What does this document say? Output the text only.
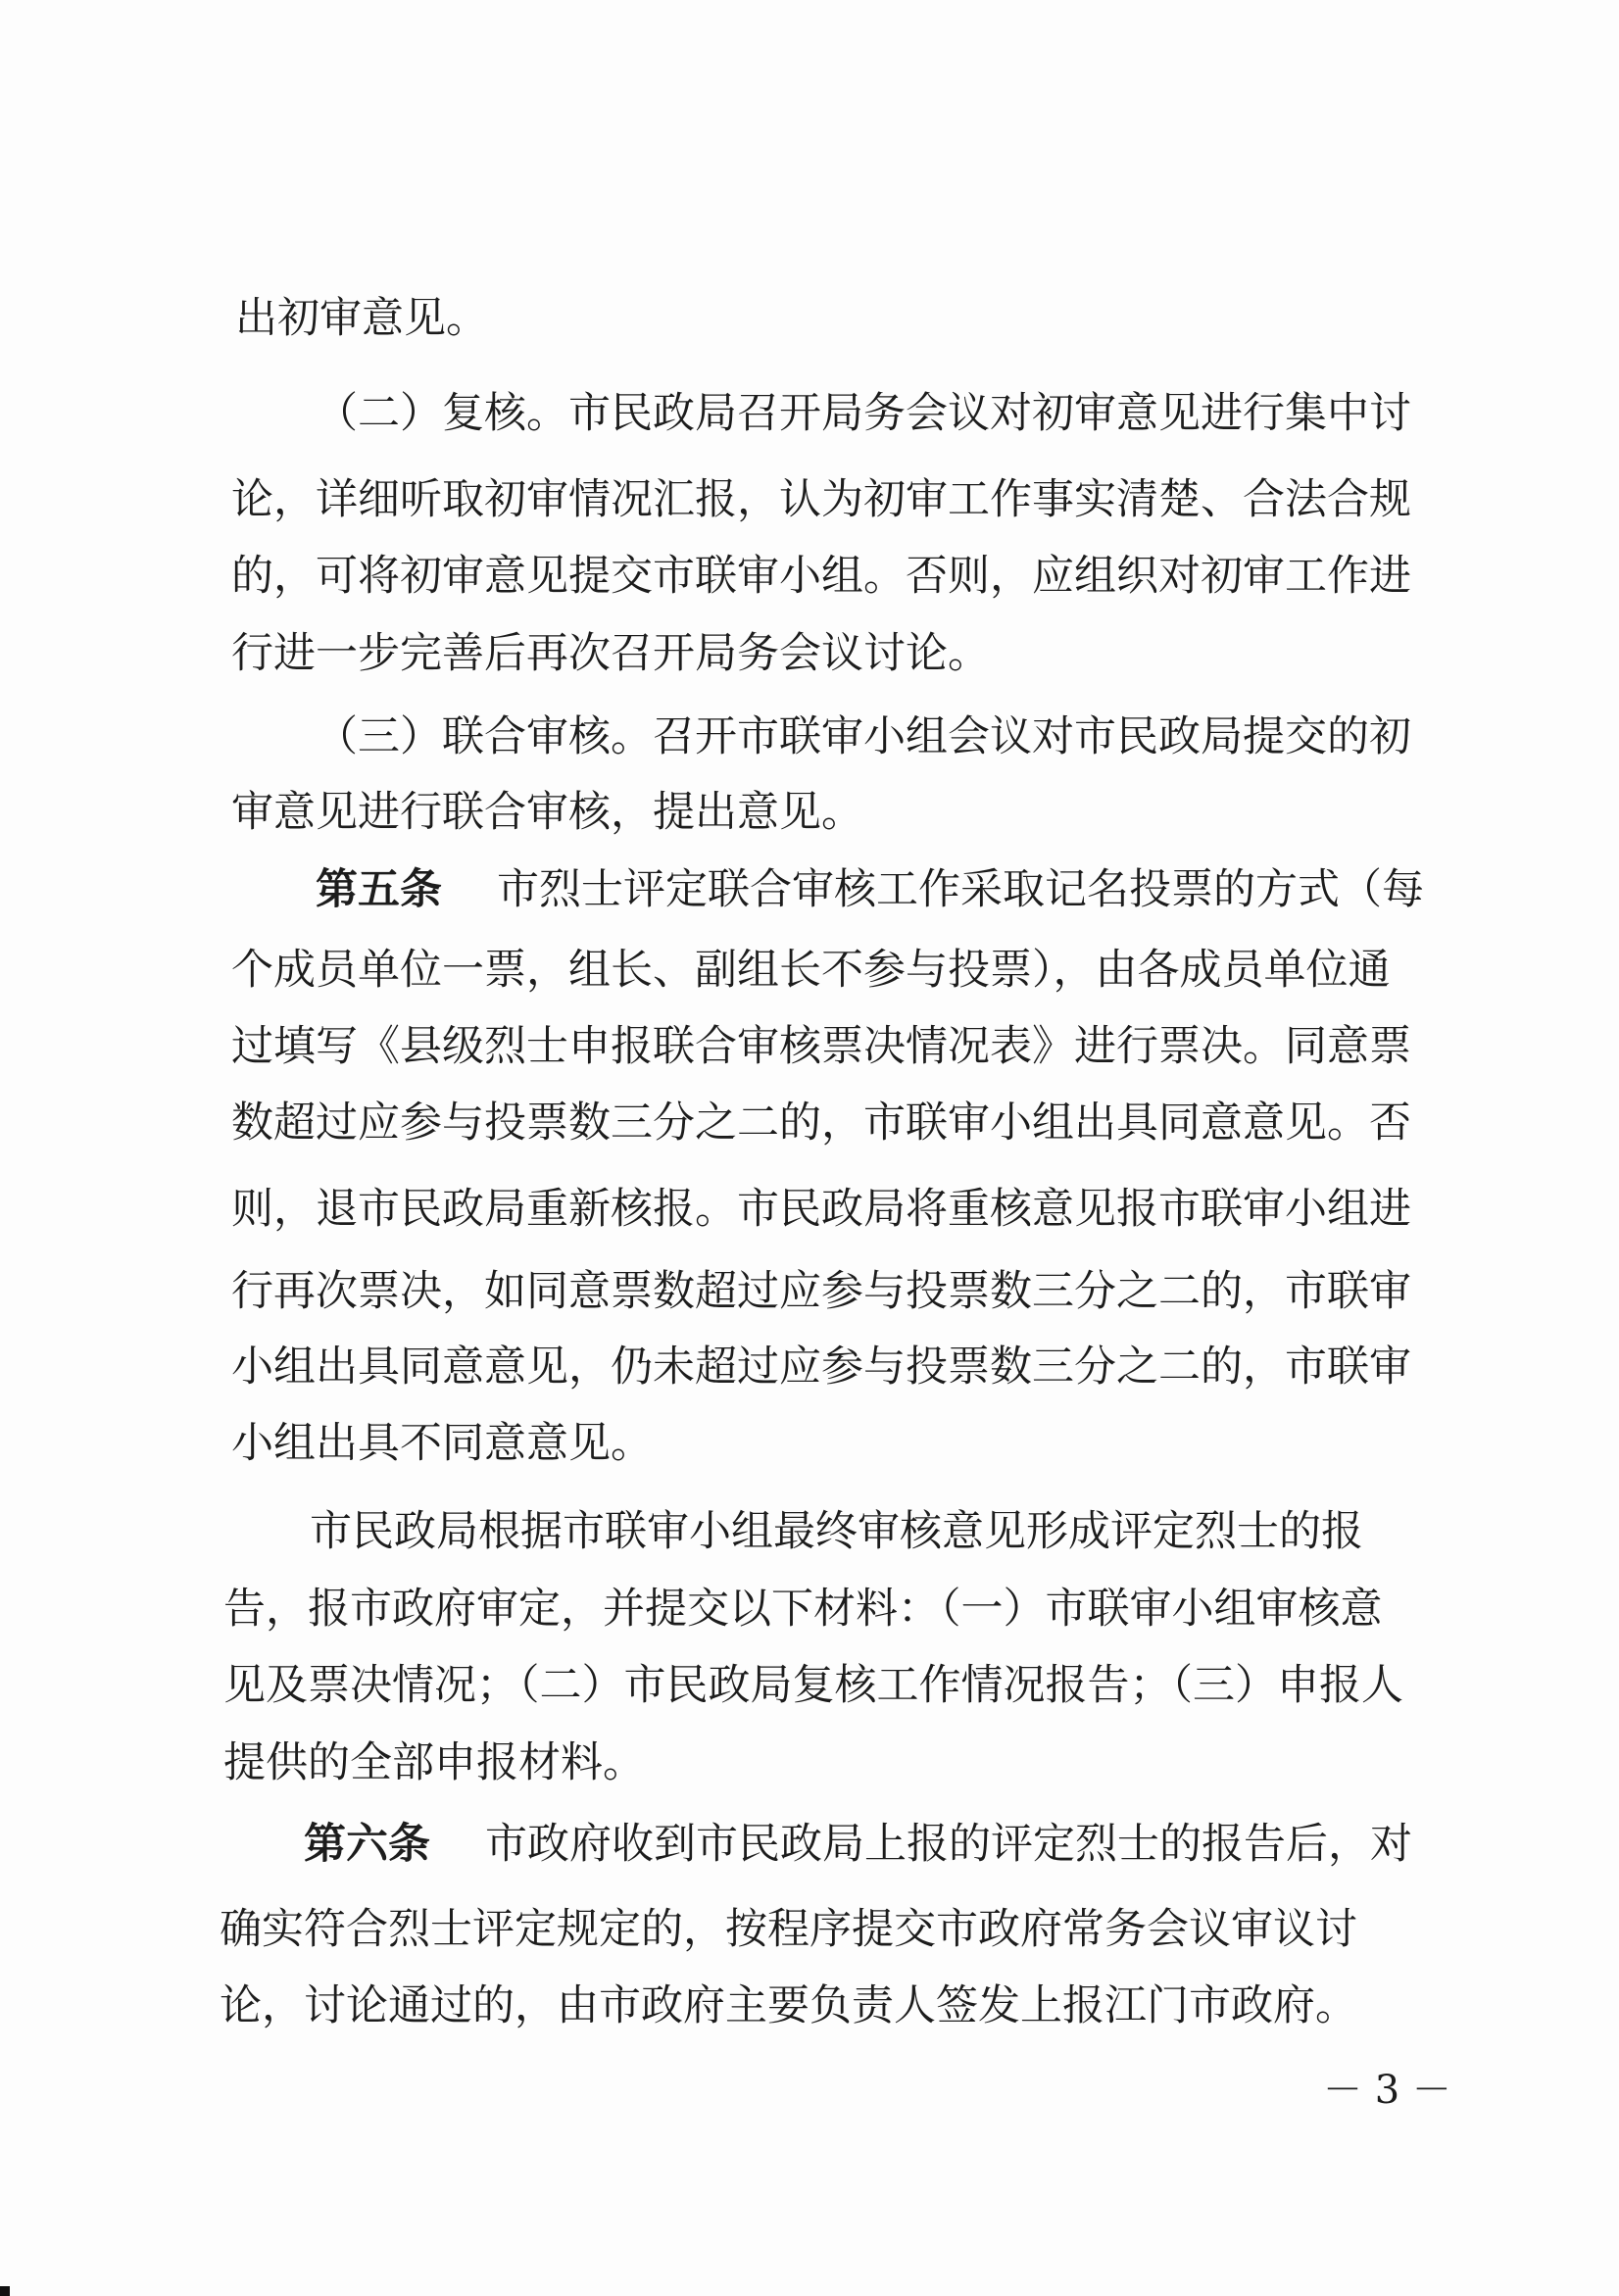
出初审意见。
（二）复核。市民政局召开局务会议对初审意见进行集中讨
论，详细听取初审情况汇报，认为初审工作事实清楚、合法合规
的，可将初审意见提交市联审小组。否则，应组织对初审工作进
行进一步完善后再次召开局务会议讨论。
（三）联合审核。召开市联审小组会议对市民政局提交的初
审意见进行联合审核，提出意见。
第五条 市烈士评定联合审核工作采取记名投票的方式（每
个成员单位一票，组长、副组长不参与投票），由各成员单位通
过填写《县级烈士申报联合审核票决情况表》进行票决。同意票
数超过应参与投票数三分之二的，市联审小组出具同意意见。否
则，退市民政局重新核报。市民政局将重核意见报市联审小组进
行再次票决，如同意票数超过应参与投票数三分之二的，市联审
小组出具同意意见，仍未超过应参与投票数三分之二的，市联审
小组出具不同意意见。
市民政局根据市联审小组最终审核意见形成评定烈士的报
告，报市政府审定，并提交以下材料：（一）市联审小组审核意
见及票决情况；（二）市民政局复核工作情况报告；（三）申报人
提供的全部申报材料。
第六条 市政府收到市民政局上报的评定烈士的报告后，对
确实符合烈士评定规定的，按程序提交市政府常务会议审议讨
论，讨论通过的，由市政府主要负责人签发上报江门市政府。
－ 3 －
